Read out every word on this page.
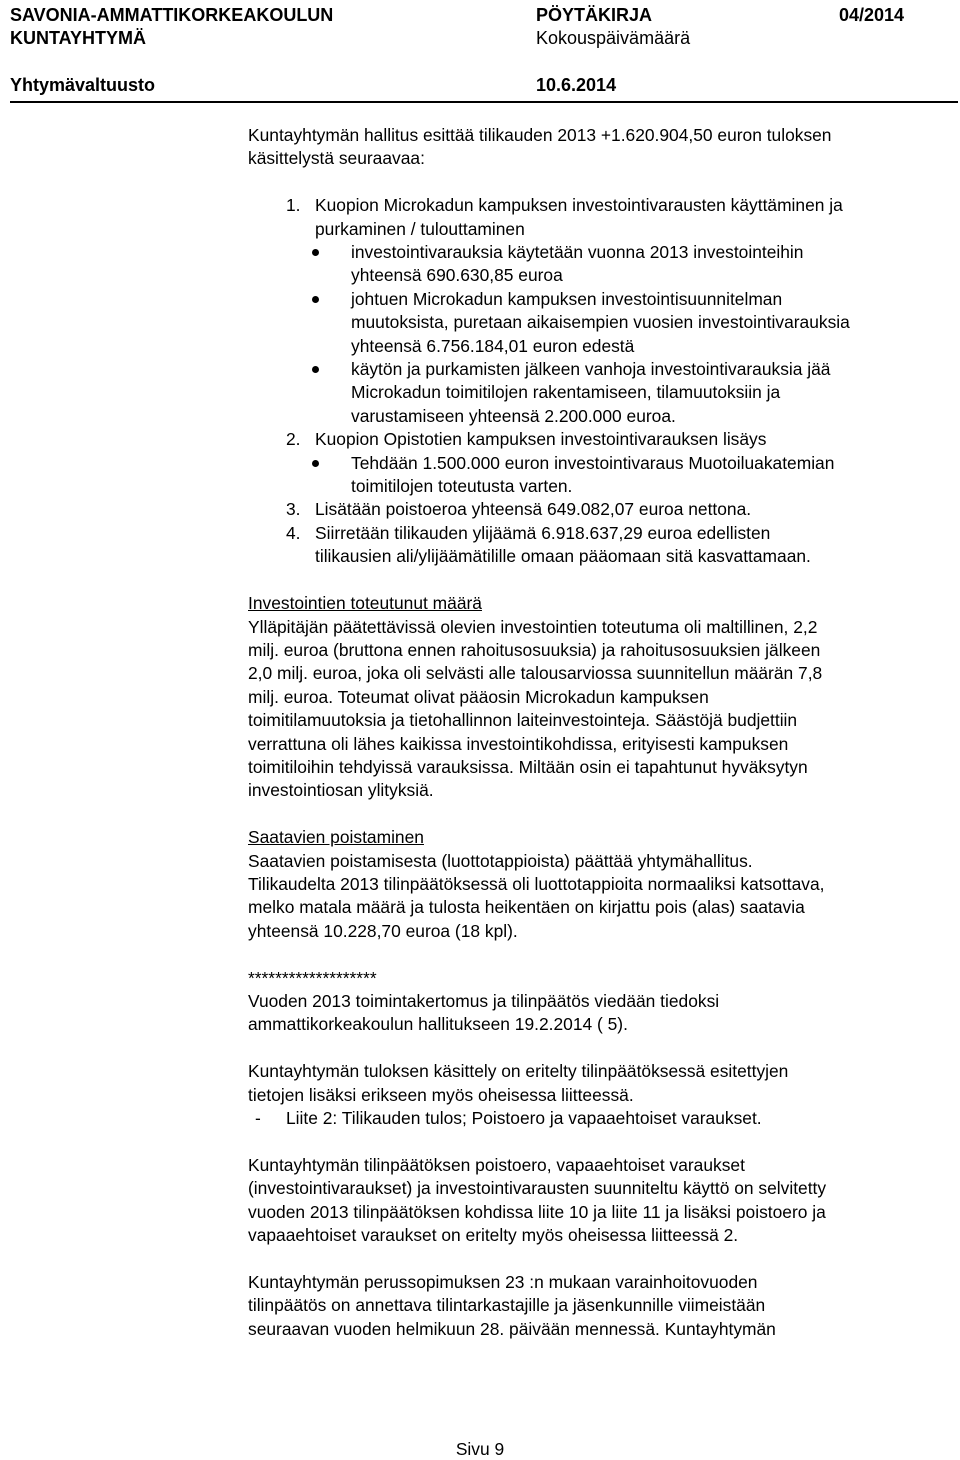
SAVONIA-AMMATTIKORKEAKOULUN
KUNTAYHTYMÄ
PÖYTÄKIRJA
Kokouspäivämäärä
04/2014
Yhtymävaltuusto	10.6.2014

Kuntayhtymän hallitus esittää tilikauden 2013 +1.620.904,50 euron tuloksen
käsittelystä seuraavaa:

1. Kuopion Microkadun kampuksen investointivarausten käyttäminen ja
purkaminen / tulouttaminen
investointivarauksia käytetään vuonna 2013 investointeihin
yhteensä 690.630,85 euroa
johtuen Microkadun kampuksen investointisuunnitelman
muutoksista, puretaan aikaisempien vuosien investointivarauksia
yhteensä 6.756.184,01 euron edestä
käytön ja purkamisten jälkeen vanhoja investointivarauksia jää
Microkadun toimitilojen rakentamiseen, tilamuutoksiin ja
varustamiseen yhteensä 2.200.000 euroa.
2. Kuopion Opistotien kampuksen investointivarauksen lisäys
Tehdään 1.500.000 euron investointivaraus Muotoiluakatemian
toimitilojen toteutusta varten.
3. Lisätään poistoeroa yhteensä 649.082,07 euroa nettona.
4. Siirretään tilikauden ylijäämä 6.918.637,29 euroa edellisten
tilikausien ali/ylijäämätilille omaan pääomaan sitä kasvattamaan.
Investointien toteutunut määrä
Ylläpitäjän päätettävissä olevien investointien toteutuma oli maltillinen, 2,2
milj. euroa (bruttona ennen rahoitusosuuksia) ja rahoitusosuuksien jälkeen
2,0 milj. euroa, joka oli selvästi alle talousarviossa suunnitellun määrän 7,8
milj. euroa. Toteumat olivat pääosin Microkadun kampuksen
toimitilamuutoksia ja tietohallinnon laiteinvestointeja. Säästöjä budjettiin
verrattuna oli lähes kaikissa investointikohdissa, erityisesti kampuksen
toimitiloihin tehdyissä varauksissa. Miltään osin ei tapahtunut hyväksytyn
investointiosan ylityksiä.
Saatavien poistaminen
Saatavien poistamisesta (luottotappioista) päättää yhtymähallitus.
Tilikaudelta 2013 tilinpäätöksessä oli luottotappioita normaaliksi katsottava,
melko matala määrä ja tulosta heikentäen on kirjattu pois (alas) saatavia
yhteensä 10.228,70 euroa (18 kpl).
*******************
Vuoden 2013 toimintakertomus ja tilinpäätös viedään tiedoksi
ammattikorkeakoulun hallitukseen 19.2.2014 ( 5).
Kuntayhtymän tuloksen käsittely on eritelty tilinpäätöksessä esitettyjen
tietojen lisäksi erikseen myös oheisessa liitteessä.
- Liite 2: Tilikauden tulos; Poistoero ja vapaaehtoiset varaukset.
Kuntayhtymän tilinpäätöksen poistoero, vapaaehtoiset varaukset
(investointivaraukset) ja investointivarausten suunniteltu käyttö on selvitetty
vuoden 2013 tilinpäätöksen kohdissa liite 10 ja liite 11 ja lisäksi poistoero ja
vapaaehtoiset varaukset on eritelty myös oheisessa liitteessä 2.
Kuntayhtymän perussopimuksen 23 :n mukaan varainhoitovuoden
tilinpäätös on annettava tilintarkastajille ja jäsenkunnille viimeistään
seuraavan vuoden helmikuun 28. päivään mennessä. Kuntayhtymän
Sivu 9
